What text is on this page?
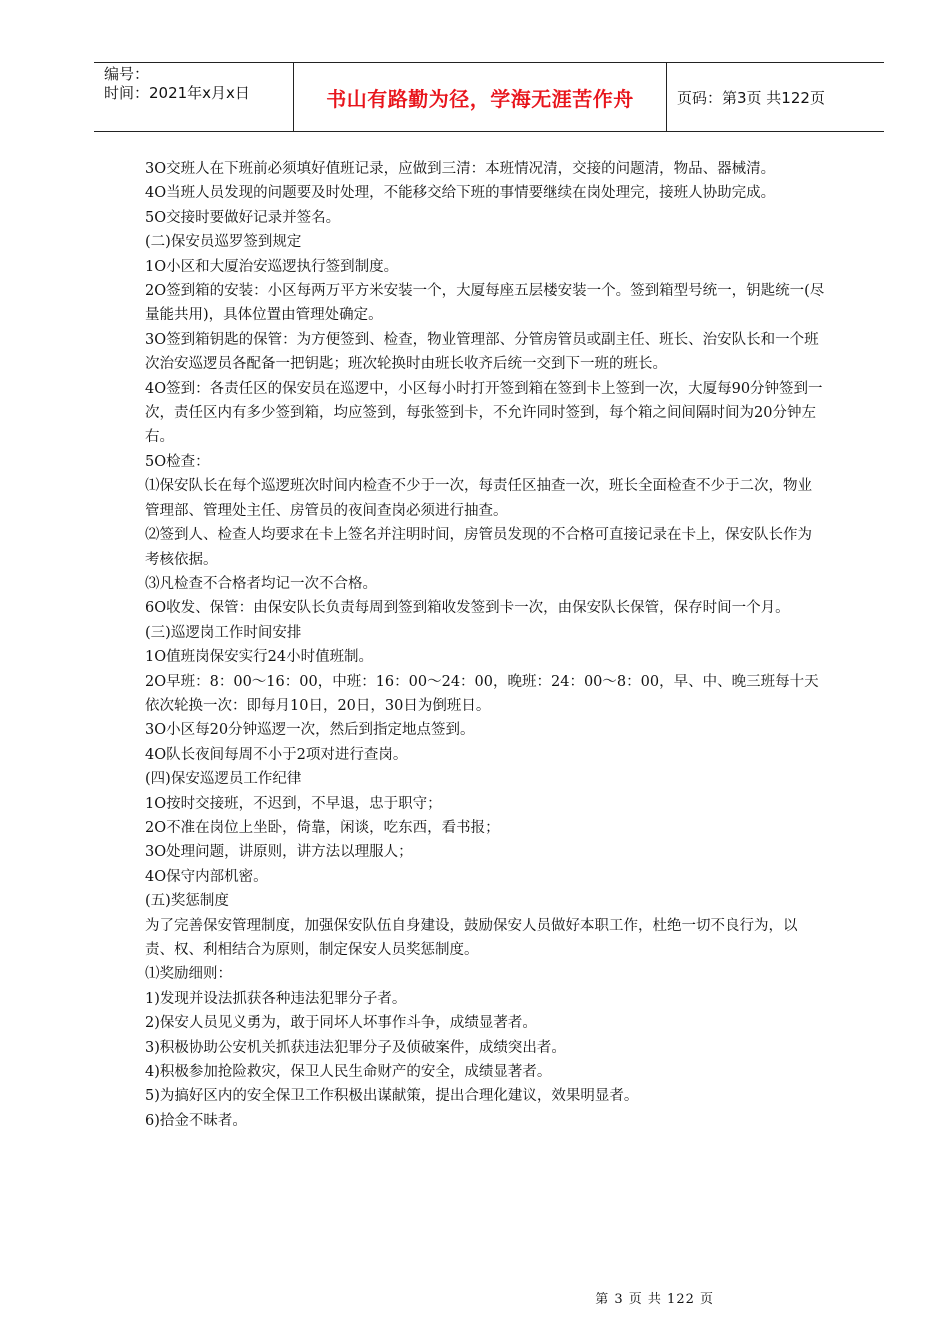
编号：
时间：2021年x月x日	书山有路勤为径，学海无涯苦作舟	页码：第3页 共122页

3O交班人在下班前必须填好值班记录，应做到三清：本班情况清，交接的问题清，物品、器械清。

4O当班人员发现的问题要及时处理，不能移交给下班的事情要继续在岗处理完，接班人协助完成。

5O交接时要做好记录并签名。

(二)保安员巡罗签到规定

1O小区和大厦治安巡逻执行签到制度。

2O签到箱的安装：小区每两万平方米安装一个，大厦每座五层楼安装一个。签到箱型号统一，钥匙统一(尽量能共用)，具体位置由管理处确定。

3O签到箱钥匙的保管：为方便签到、检查，物业管理部、分管房管员或副主任、班长、治安队长和一个班次治安巡逻员各配备一把钥匙；班次轮换时由班长收齐后统一交到下一班的班长。

4O签到：各责任区的保安员在巡逻中，小区每小时打开签到箱在签到卡上签到一次，大厦每90分钟签到一次，责任区内有多少签到箱，均应签到，每张签到卡，不允许同时签到，每个箱之间间隔时间为20分钟左右。

5O检查：

⑴保安队长在每个巡逻班次时间内检查不少于一次，每责任区抽查一次，班长全面检查不少于二次，物业管理部、管理处主任、房管员的夜间查岗必须进行抽查。

⑵签到人、检查人均要求在卡上签名并注明时间，房管员发现的不合格可直接记录在卡上，保安队长作为考核依据。

⑶凡检查不合格者均记一次不合格。

6O收发、保管：由保安队长负责每周到签到箱收发签到卡一次，由保安队长保管，保存时间一个月。

(三)巡逻岗工作时间安排

1O值班岗保安实行24小时值班制。

2O早班：8：00～16：00，中班：16：00～24：00，晚班：24：00～8：00，早、中、晚三班每十天依次轮换一次：即每月10日，20日，30日为倒班日。

3O小区每20分钟巡逻一次，然后到指定地点签到。

4O队长夜间每周不小于2项对进行查岗。

(四)保安巡逻员工作纪律

1O按时交接班，不迟到，不早退，忠于职守；

2O不准在岗位上坐卧，倚靠，闲谈，吃东西，看书报；

3O处理问题，讲原则，讲方法以理服人；

4O保守内部机密。

(五)奖惩制度

为了完善保安管理制度，加强保安队伍自身建设，鼓励保安人员做好本职工作，杜绝一切不良行为，以责、权、利相结合为原则，制定保安人员奖惩制度。

⑴奖励细则：

1)发现并设法抓获各种违法犯罪分子者。

2)保安人员见义勇为，敢于同坏人坏事作斗争，成绩显著者。

3)积极协助公安机关抓获违法犯罪分子及侦破案件，成绩突出者。

4)积极参加抢险救灾，保卫人民生命财产的安全，成绩显著者。

5)为搞好区内的安全保卫工作积极出谋献策，提出合理化建议，效果明显者。

6)拾金不昧者。

第 3 页 共 122 页
